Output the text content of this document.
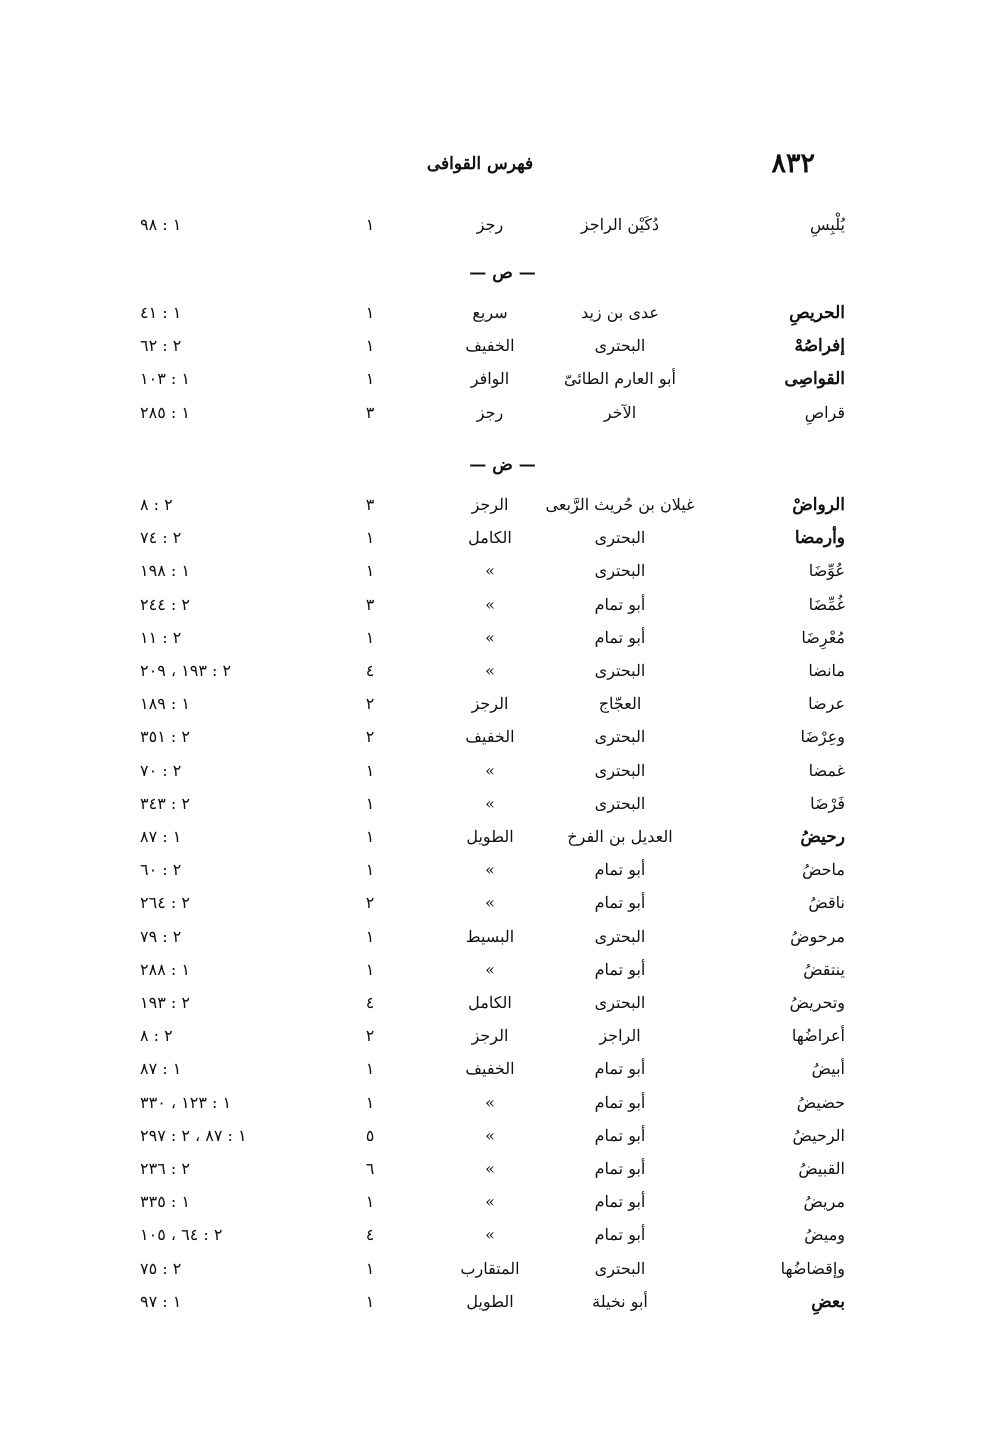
٨٣٢
فهرس القوافى
يُلْبِسِ
دُكَيْن الراجز
رجز
١
١ : ٩٨
— ص —
الحريصِ
عدى بن زيد
سريع
١
١ : ٤١
إفراصُهْ
البحترى
الخفيف
١
٢ : ٦٢
القواصِى
أبو العارم الطائىّ
الوافر
١
١ : ١٠٣
قراصِ
الآخر
رجز
٣
١ : ٢٨٥
— ض —
الرواضْ
غيلان بن حُريث الرَّبعى
الرجز
٣
٢ : ٨
وأرمضا
البحترى
الكامل
١
٢ : ٧٤
عُوِّضَا
البحترى
»
١
١ : ١٩٨
غُمِّضَا
أبو تمام
»
٣
٢ : ٢٤٤
مُعْرِضَا
أبو تمام
»
١
٢ : ١١
مانضا
البحترى
»
٤
٢ : ١٩٣ ، ٢٠٩
عرضا
العجّاج
الرجز
٢
١ : ١٨٩
وعِرْضَا
البحترى
الخفيف
٢
٢ : ٣٥١
غمضا
البحترى
»
١
٢ : ٧٠
فَرْضَا
البحترى
»
١
٢ : ٣٤٣
رحيضُ
العديل بن الفرخ
الطويل
١
١ : ٨٧
ماحضُ
أبو تمام
»
١
٢ : ٦٠
ناقضُ
أبو تمام
»
٢
٢ : ٢٦٤
مرحوضُ
البحترى
البسيط
١
٢ : ٧٩
ينتقضُ
أبو تمام
»
١
١ : ٢٨٨
وتحريضُ
البحترى
الكامل
٤
٢ : ١٩٣
أعراضُها
الراجز
الرجز
٢
٢ : ٨
أبيضُ
أبو تمام
الخفيف
١
١ : ٨٧
حضيضُ
أبو تمام
»
١
١ : ١٢٣ ، ٣٣٠
الرحيضُ
أبو تمام
»
٥
١ : ٨٧ ، ٢ : ٢٩٧
القبيضُ
أبو تمام
»
٦
٢ : ٢٣٦
مريضُ
أبو تمام
»
١
١ : ٣٣٥
وميضُ
أبو تمام
»
٤
٢ : ٦٤ ، ١٠٥
وإقضاضُها
البحترى
المتقارب
١
٢ : ٧٥
بعضِ
أبو نخيلة
الطويل
١
١ : ٩٧
